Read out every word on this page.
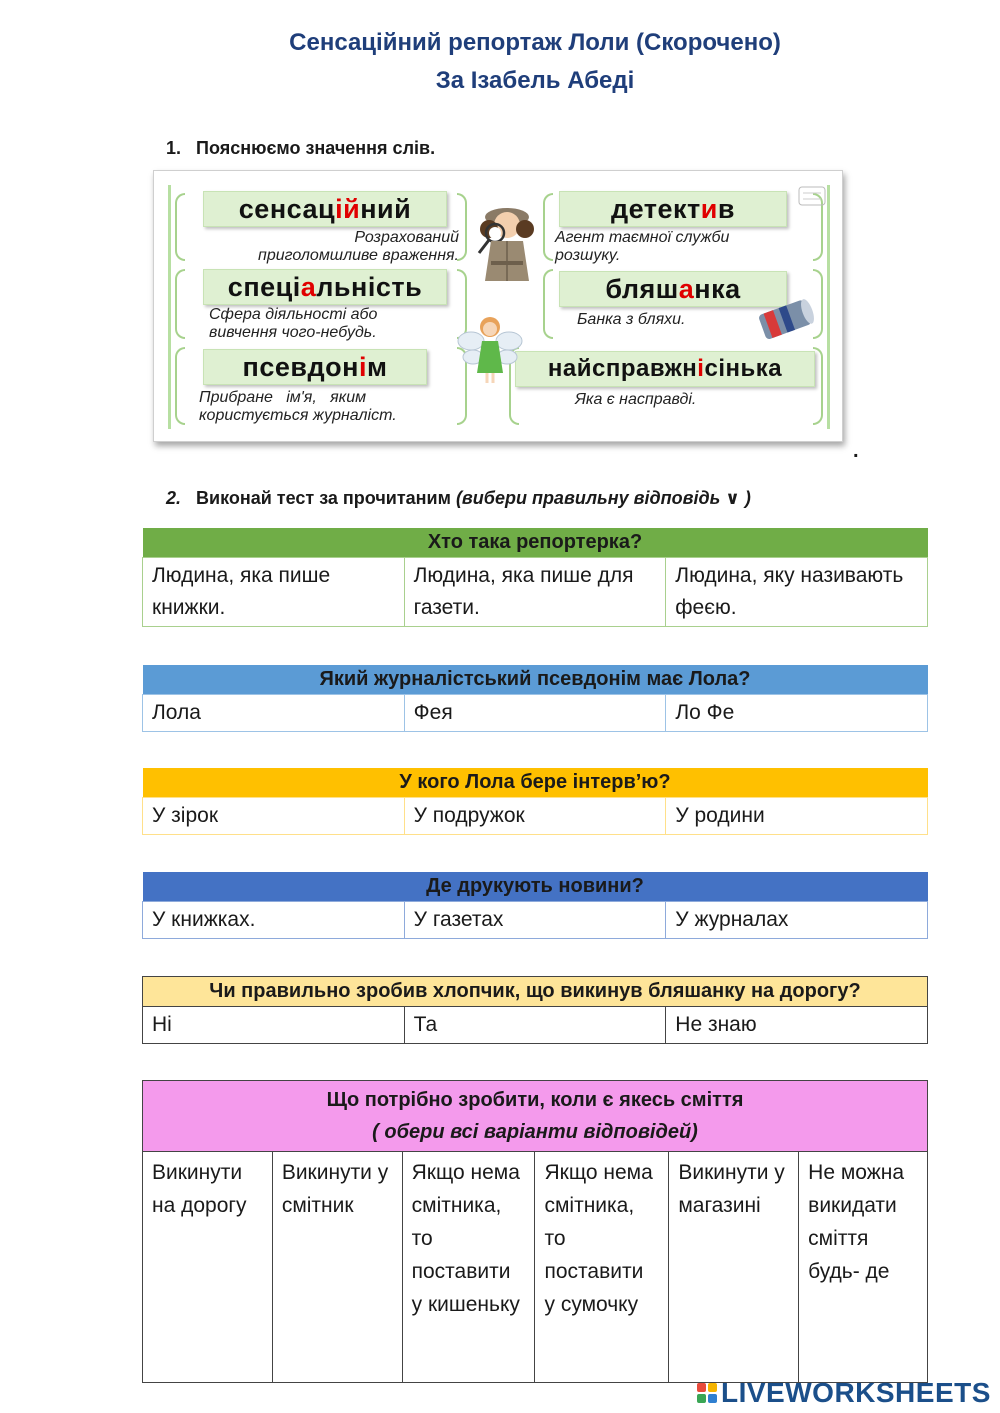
Сенсаційний репортаж Лоли (Скорочено)
За Ізабель Абеді
1. Пояснюємо значення слів.
сенсаційний
Розрахований
приголомшливе враження.
детектив
Агент таємної служби
розшуку.
спеціальність
Сфера діяльності або
вивчення чого-небудь.
бляшанка
Банка з бляхи.
псевдонім
Прибране   ім'я,   яким
користується журналіст.
найсправжнісінька
Яка є насправді.
.
2. Виконай тест за прочитаним (вибери правильну відповідь ∨ )
Хто така репортерка?
Людина, яка пише книжки.	Людина, яка пише для газети.	Людина, яку називають феєю.
Який журналістський псевдонім має Лола?
Лола	Фея	Ло Фе
У кого Лола бере інтерв’ю?
У зірок	У подружок	У родини
Де друкують новини?
У книжках.	У газетах	У журналах
Чи правильно зробив хлопчик, що викинув бляшанку на дорогу?
Ні	Та	Не знаю
Що потрібно зробити, коли є якесь сміття
( обери всі варіанти відповідей)

Викинути на дорогу	Викинути у смітник	Якщо нема смітника, то поставити у кишеньку	Якщо нема смітника, то поставити у сумочку	Викинути у магазині	Не можна викидати сміття будь- де
LIVEWORKSHEETS
